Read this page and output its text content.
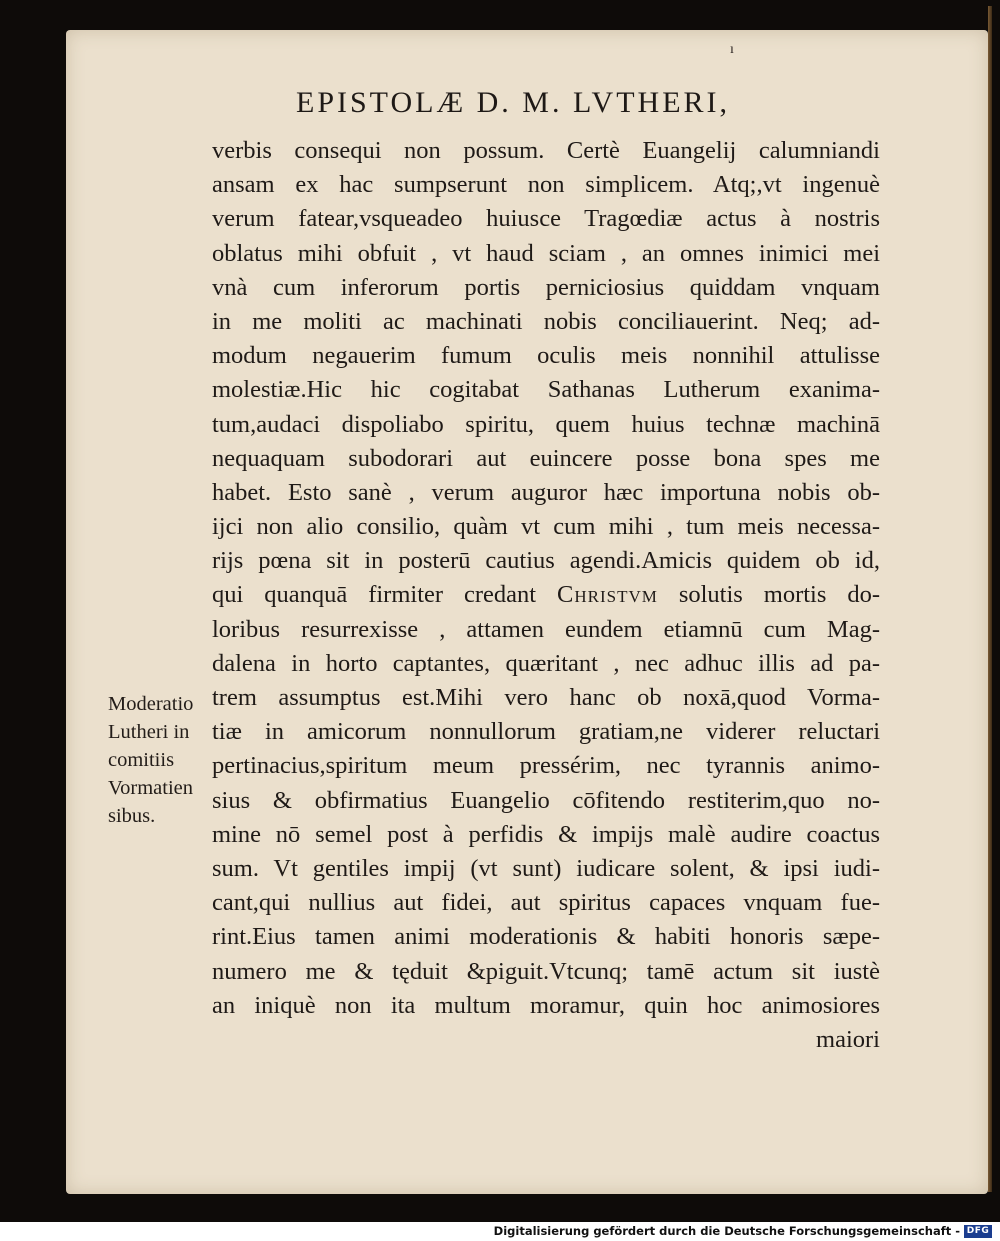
ı
EPISTOLÆ D. M. LVTHERI,
verbis consequi non possum. Certè Euangelij calumniandi
ansam ex hac sumpserunt non simplicem. Atq;,vt ingenuè
verum fatear,vsqueadeo huiusce Tragœdiæ actus à nostris
oblatus mihi obfuit , vt haud sciam , an omnes inimici mei
vnà cum inferorum portis perniciosius quiddam vnquam
in me moliti ac machinati nobis conciliauerint. Neq; ad-
modum negauerim fumum oculis meis nonnihil attulisse
molestiæ.Hic hic cogitabat Sathanas Lutherum exanima-
tum,audaci dispoliabo spiritu, quem huius technæ machinā
nequaquam subodorari aut euincere posse bona spes me
habet. Esto sanè , verum auguror hæc importuna nobis ob-
ijci non alio consilio, quàm vt cum mihi , tum meis necessa-
rijs pœna sit in posterū cautius agendi.Amicis quidem ob id,
qui quanquā firmiter credant Christvm solutis mortis do-
loribus resurrexisse , attamen eundem etiamnū cum Mag-
dalena in horto captantes, quæritant , nec adhuc illis ad pa-
trem assumptus est.Mihi vero hanc ob noxā,quod Vorma-
tiæ in amicorum nonnullorum gratiam,ne viderer reluctari
pertinacius,spiritum meum pressérim, nec tyrannis animo-
sius & obfirmatius Euangelio cōfitendo restiterim,quo no-
mine nō semel post à perfidis & impijs malè audire coactus
sum. Vt gentiles impij (vt sunt) iudicare solent, & ipsi iudi-
cant,qui nullius aut fidei, aut spiritus capaces vnquam fue-
rint.Eius tamen animi moderationis & habiti honoris sæpe-
numero me & tęduit &piguit.Vtcunq; tamē actum sit iustè
an iniquè non ita multum moramur, quin hoc animosiores
maiori
Moderatio
Lutheri in
comitiis
Vormatien
sibus.
Digitalisierung gefördert durch die Deutsche Forschungsgemeinschaft - DFG
